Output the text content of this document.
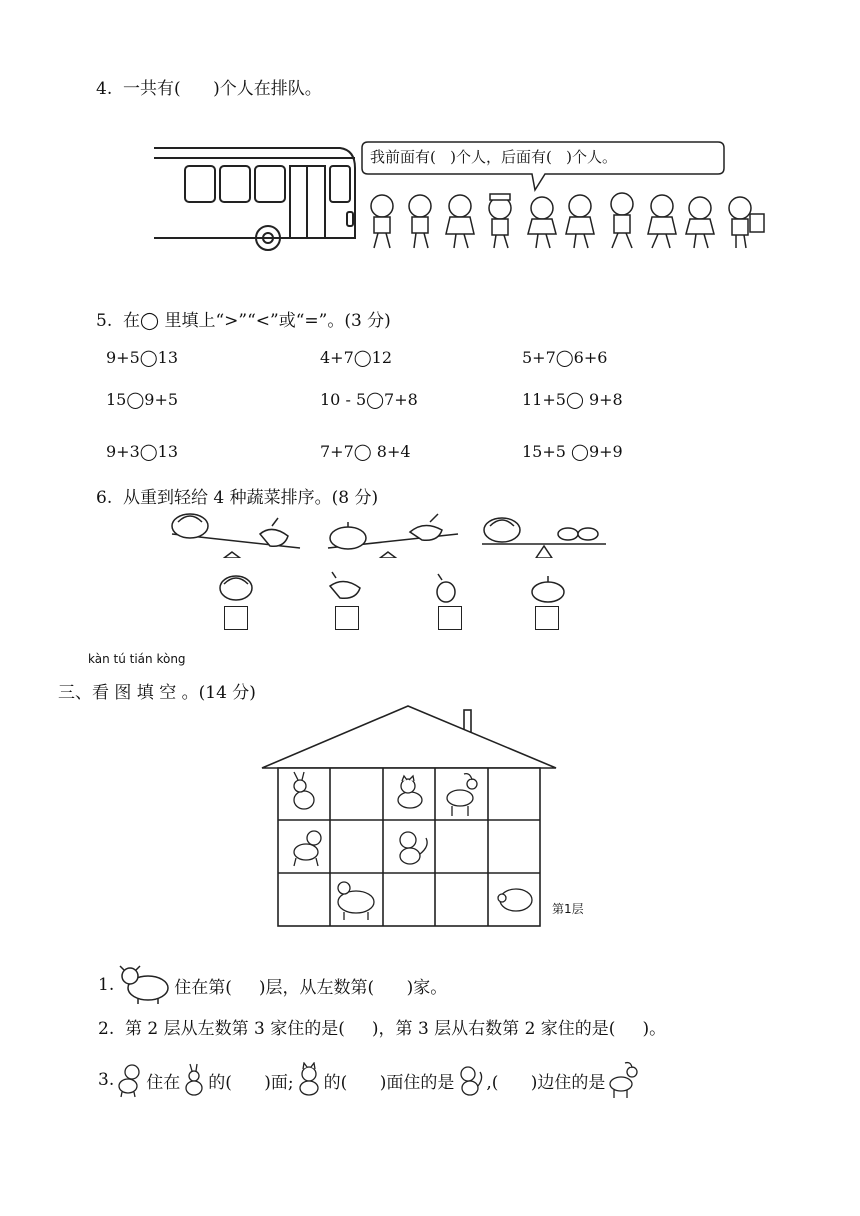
4.  一共有(      )个人在排队。
我前面有(   )个人，后面有(   )个人。
5.  在◯ 里填上“>”“<”或“=”。(3 分)
9+5◯13	4+7◯12	5+7◯6+6
15◯9+5	10 - 5◯7+8	11+5◯ 9+8
9+3◯13	7+7◯ 8+4	15+5 ◯9+9
6.  从重到轻给 4 种蔬菜排序。(8 分)
kàn tú tián kòng
三、看 图 填 空 。(14 分)
第1层
1.	住在第(     )层，从左数第(      )家。
2.  第 2 层从左数第 3 家住的是(     )，第 3 层从右数第 2 家住的是(     )。
3. 住在 的(      )面; 的(      )面住的是 ,(      )边住的是
